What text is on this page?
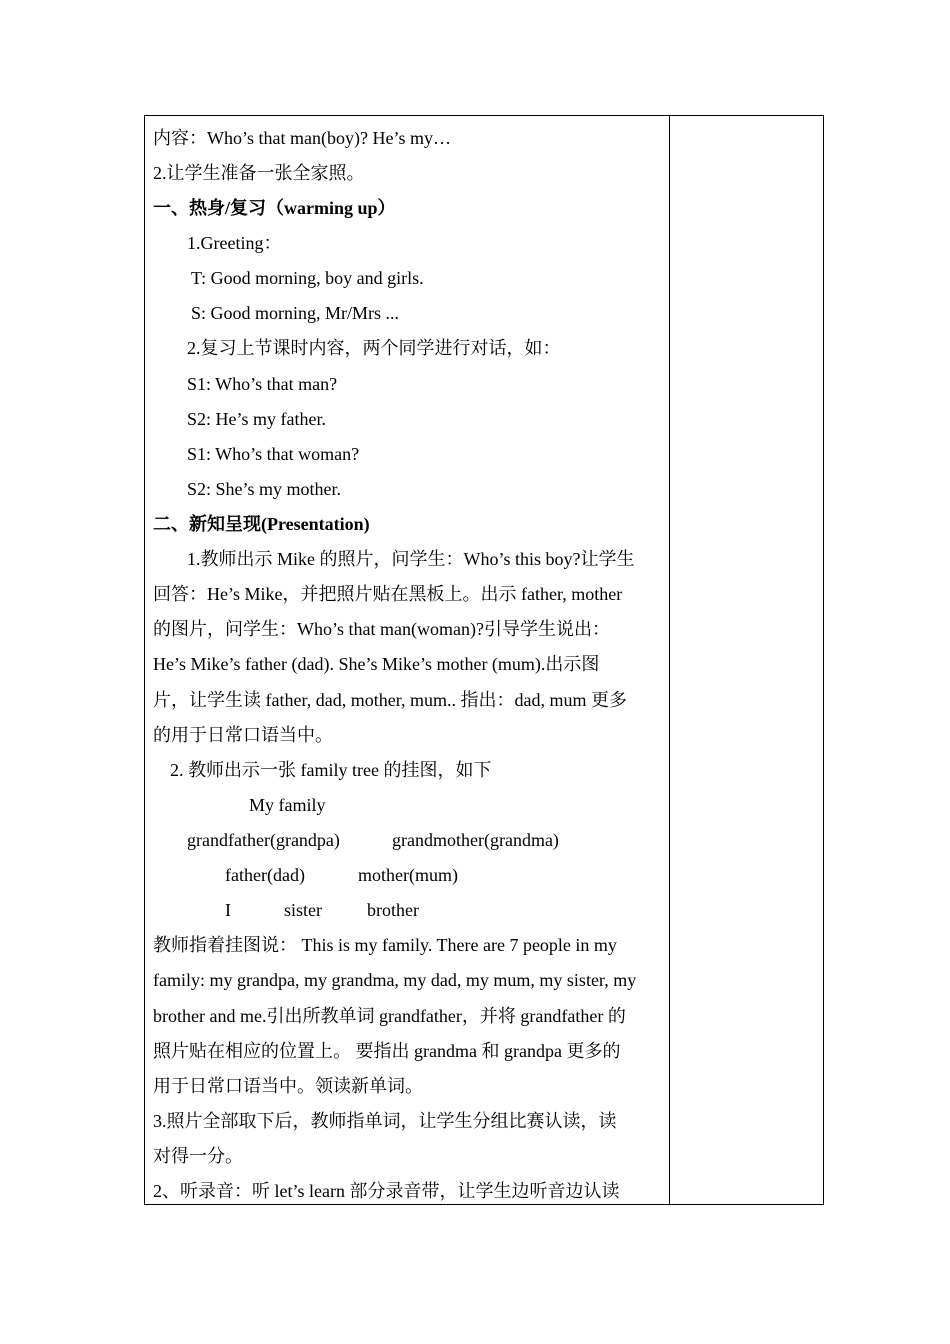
内容：Who’s that man(boy)? He’s my…
2.让学生准备一张全家照。
一、热身/复习（warming up）
1.Greeting：
T: Good morning, boy and girls.
S: Good morning, Mr/Mrs ...
2.复习上节课时内容，两个同学进行对话，如：
S1: Who’s that man?
S2: He’s my father.
S1: Who’s that woman?
S2: She’s my mother.
二、新知呈现(Presentation)
1.教师出示 Mike 的照片，问学生：Who’s this boy?让学生
回答：He’s Mike，并把照片贴在黑板上。出示 father, mother
的图片，问学生：Who’s that man(woman)?引导学生说出：
He’s Mike’s father (dad). She’s Mike’s mother (mum).出示图
片，让学生读 father, dad, mother, mum.. 指出：dad, mum 更多
的用于日常口语当中。
2. 教师出示一张 family tree 的挂图，如下
My family
grandfather(grandpa)	grandmother(grandma)
father(dad)	mother(mum)
I	sister	brother
教师指着挂图说： This is my family. There are 7 people in my
family: my grandpa, my grandma, my dad, my mum, my sister, my
brother and me.引出所教单词 grandfather，并将 grandfather 的
照片贴在相应的位置上。 要指出 grandma 和 grandpa 更多的
用于日常口语当中。领读新单词。
3.照片全部取下后，教师指单词，让学生分组比赛认读，读
对得一分。
2、听录音：听 let’s learn 部分录音带，让学生边听音边认读
